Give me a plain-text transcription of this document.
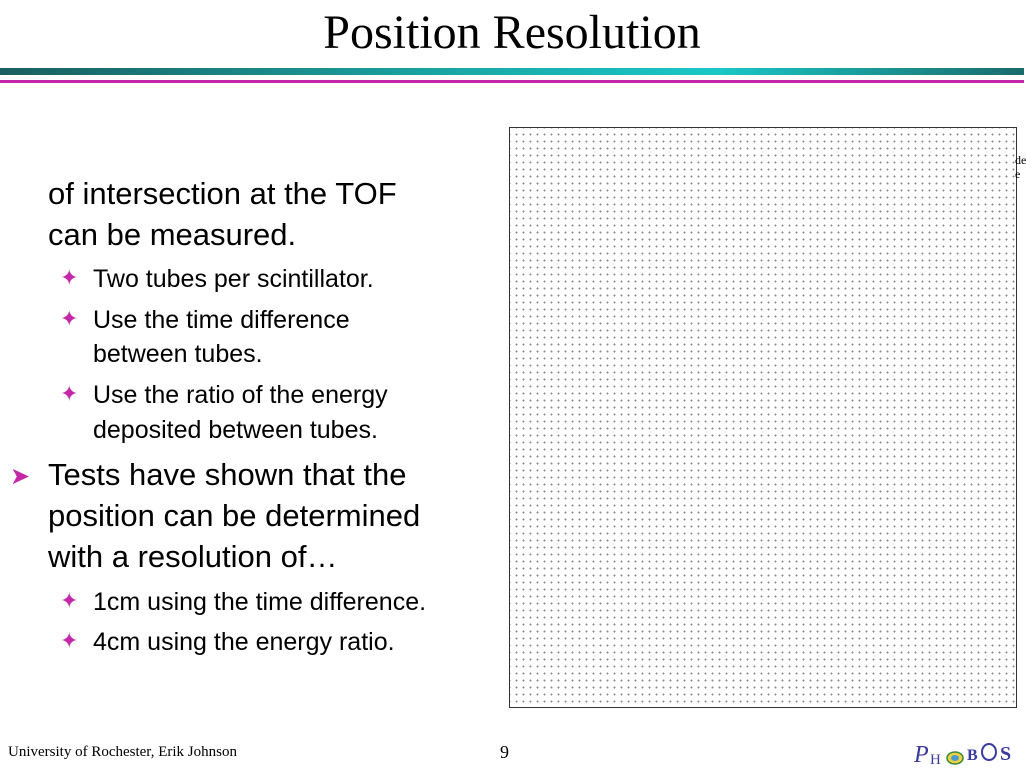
Position Resolution
of intersection at the TOF
can be measured.
✦ Two tubes per scintillator.
✦ Use the time difference
between tubes.
✦ Use the ratio of the energy
deposited between tubes.
➤ Tests have shown that the
position can be determined
with a resolution of…
✦ 1cm using the time difference.
✦ 4cm using the energy ratio.
de
e
University of Rochester, Erik Johnson	9	P H B S
